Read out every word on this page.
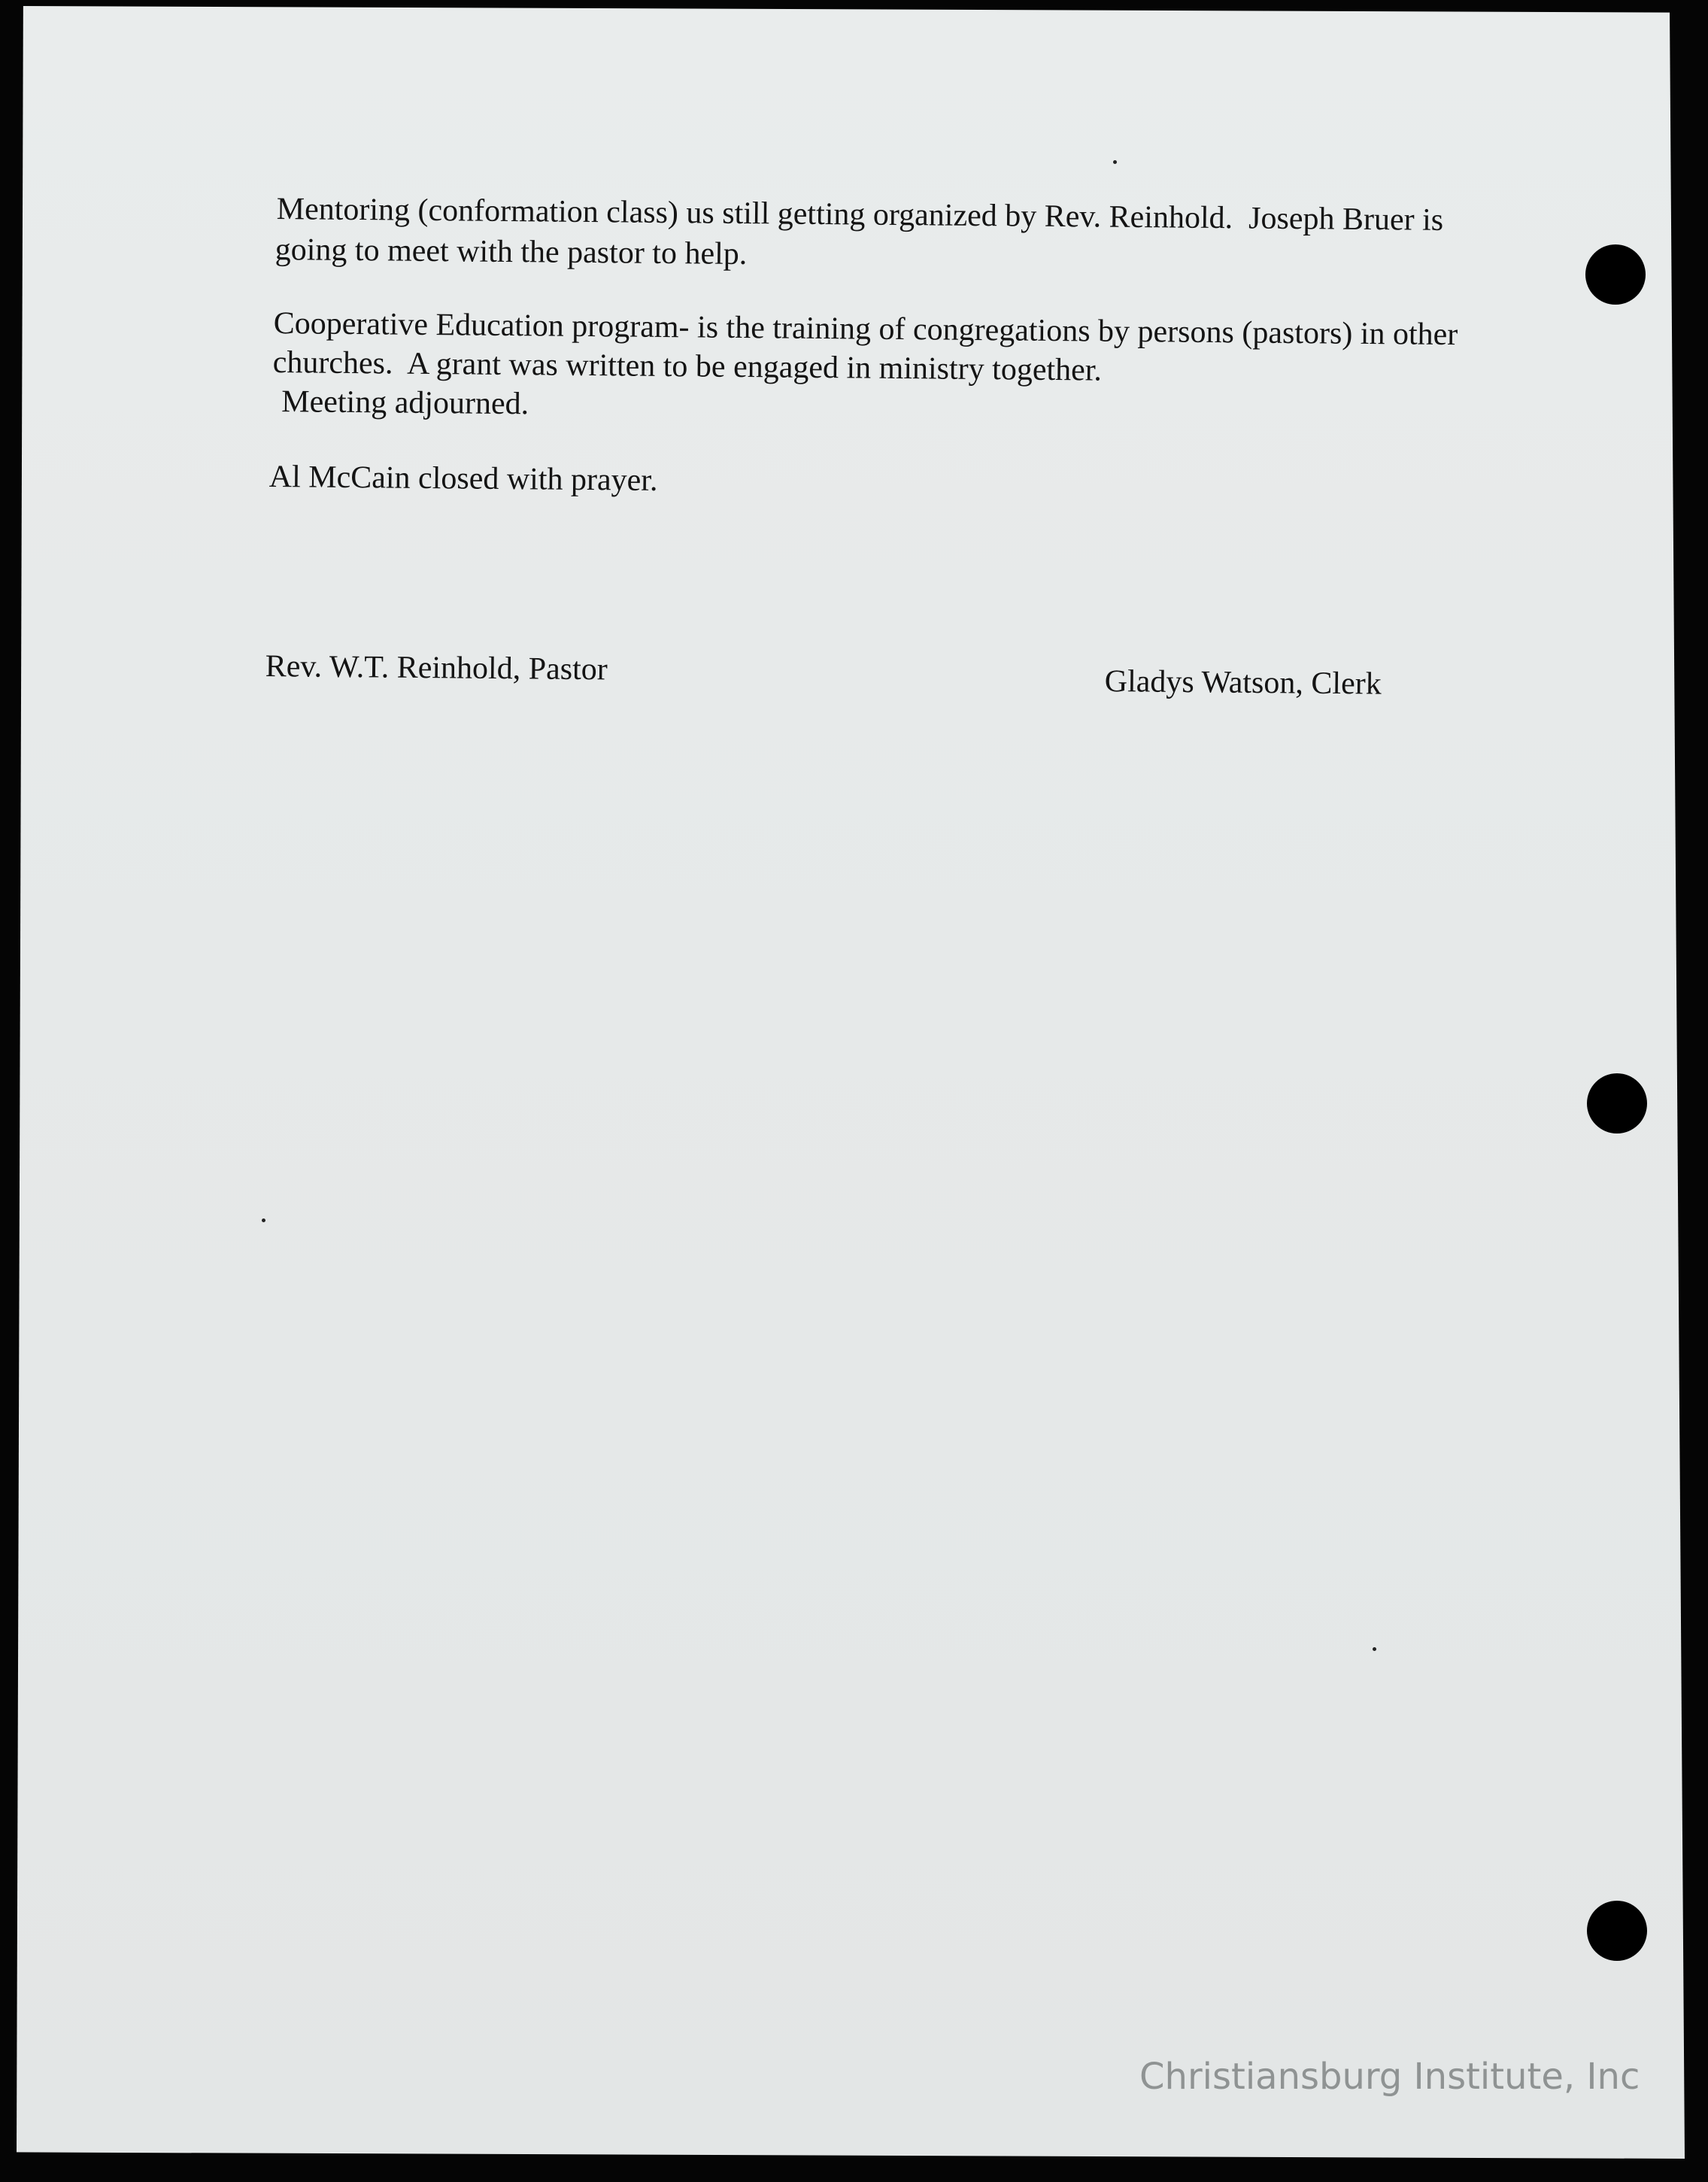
Mentoring (conformation class) us still getting organized by Rev. Reinhold.  Joseph Bruer is
going to meet with the pastor to help.
Cooperative Education program- is the training of congregations by persons (pastors) in other
churches.  A grant was written to be engaged in ministry together.
Meeting adjourned.
Al McCain closed with prayer.
Rev. W.T. Reinhold, Pastor	Gladys Watson, Clerk
Christiansburg Institute, Inc
